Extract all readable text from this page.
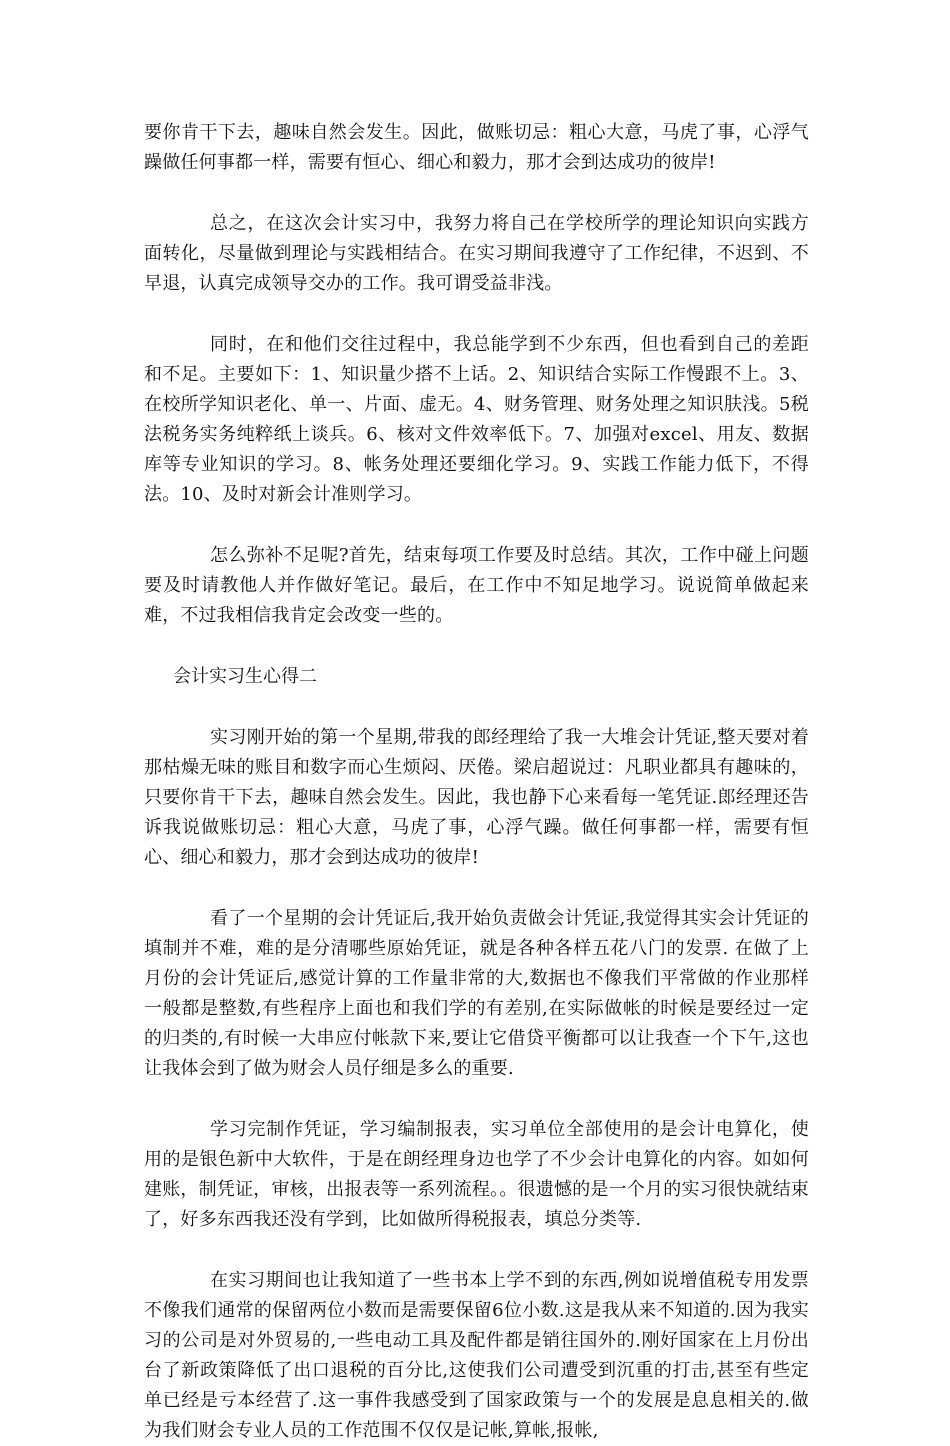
要你肯干下去，趣味自然会发生。因此，做账切忌：粗心大意，马虎了事，心浮气躁做任何事都一样，需要有恒心、细心和毅力，那才会到达成功的彼岸!

总之，在这次会计实习中，我努力将自己在学校所学的理论知识向实践方面转化，尽量做到理论与实践相结合。在实习期间我遵守了工作纪律，不迟到、不早退，认真完成领导交办的工作。我可谓受益非浅。

同时，在和他们交往过程中，我总能学到不少东西，但也看到自己的差距和不足。主要如下：1、知识量少搭不上话。2、知识结合实际工作慢跟不上。3、在校所学知识老化、单一、片面、虚无。4、财务管理、财务处理之知识肤浅。5税法税务实务纯粹纸上谈兵。6、核对文件效率低下。7、加强对excel、用友、数据库等专业知识的学习。8、帐务处理还要细化学习。9、实践工作能力低下，不得法。10、及时对新会计准则学习。

怎么弥补不足呢?首先，结束每项工作要及时总结。其次，工作中碰上问题要及时请教他人并作做好笔记。最后，在工作中不知足地学习。说说简单做起来难，不过我相信我肯定会改变一些的。

会计实习生心得二

实习刚开始的第一个星期,带我的郎经理给了我一大堆会计凭证,整天要对着那枯燥无味的账目和数字而心生烦闷、厌倦。梁启超说过：凡职业都具有趣味的，只要你肯干下去，趣味自然会发生。因此，我也静下心来看每一笔凭证.郎经理还告诉我说做账切忌：粗心大意，马虎了事，心浮气躁。做任何事都一样，需要有恒心、细心和毅力，那才会到达成功的彼岸!

看了一个星期的会计凭证后,我开始负责做会计凭证,我觉得其实会计凭证的填制并不难，难的是分清哪些原始凭证，就是各种各样五花八门的发票. 在做了上月份的会计凭证后,感觉计算的工作量非常的大,数据也不像我们平常做的作业那样一般都是整数,有些程序上面也和我们学的有差别,在实际做帐的时候是要经过一定的归类的,有时候一大串应付帐款下来,要让它借贷平衡都可以让我查一个下午,这也让我体会到了做为财会人员仔细是多么的重要.

学习完制作凭证，学习编制报表，实习单位全部使用的是会计电算化，使用的是银色新中大软件，于是在朗经理身边也学了不少会计电算化的内容。如如何建账，制凭证，审核，出报表等一系列流程。。很遗憾的是一个月的实习很快就结束了，好多东西我还没有学到，比如做所得税报表，填总分类等.

在实习期间也让我知道了一些书本上学不到的东西,例如说增值税专用发票不像我们通常的保留两位小数而是需要保留6位小数.这是我从来不知道的.因为我实习的公司是对外贸易的,一些电动工具及配件都是销往国外的.刚好国家在上月份出台了新政策降低了出口退税的百分比,这使我们公司遭受到沉重的打击,甚至有些定单已经是亏本经营了.这一事件我感受到了国家政策与一个的发展是息息相关的.做为我们财会专业人员的工作范围不仅仅是记帐,算帐,报帐,
